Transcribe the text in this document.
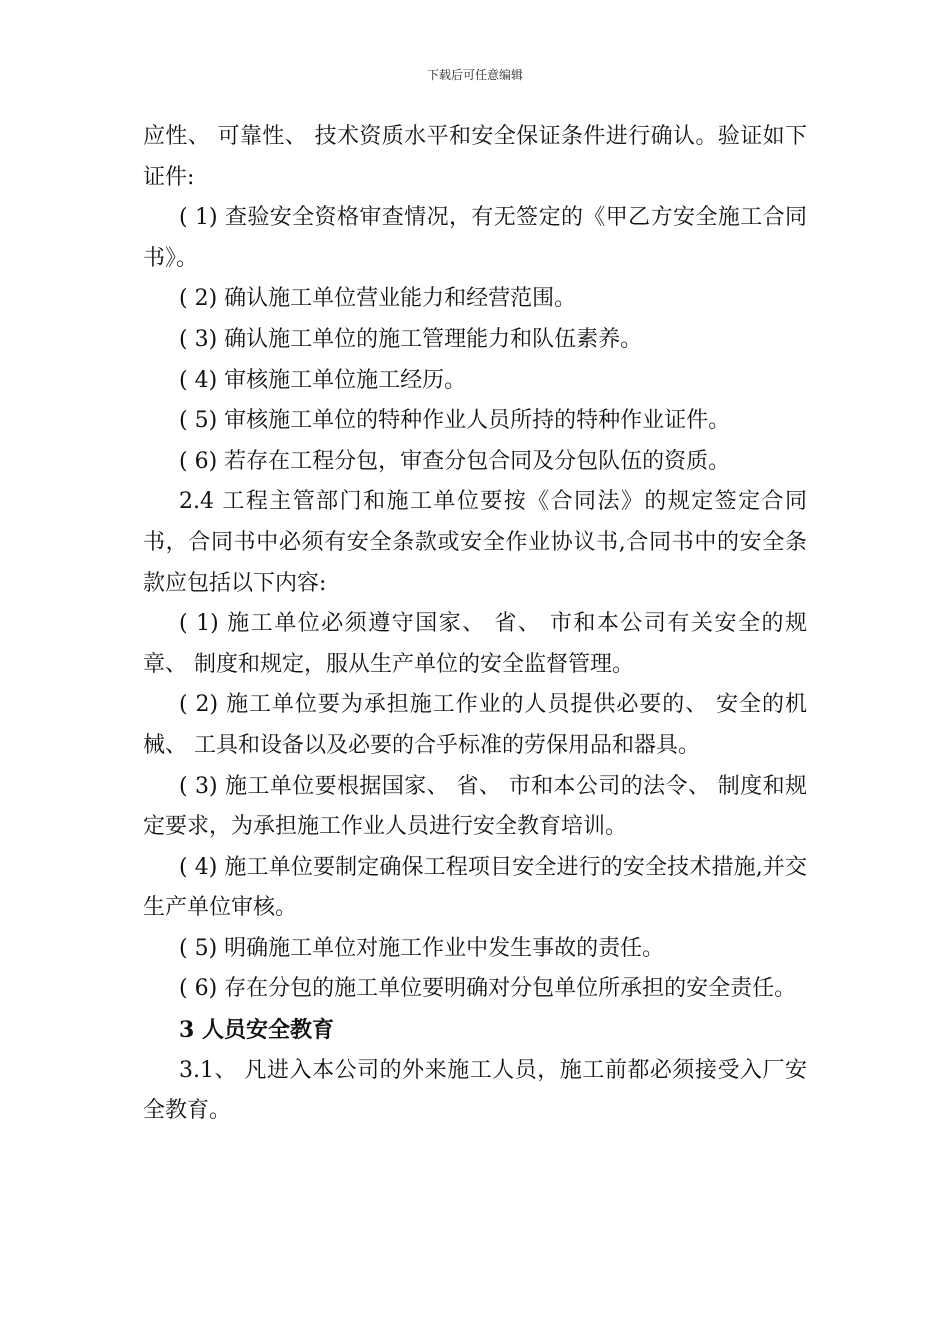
下载后可任意编辑

应性、 可靠性、 技术资质水平和安全保证条件进行确认。验证如下证件:

( 1) 查验安全资格审查情况，有无签定的《甲乙方安全施工合同书》。

( 2) 确认施工单位营业能力和经营范围。

( 3) 确认施工单位的施工管理能力和队伍素养。

( 4) 审核施工单位施工经历。

( 5) 审核施工单位的特种作业人员所持的特种作业证件。

( 6) 若存在工程分包，审查分包合同及分包队伍的资质。

2.4 工程主管部门和施工单位要按《合同法》的规定签定合同书，合同书中必须有安全条款或安全作业协议书,合同书中的安全条款应包括以下内容:

( 1) 施工单位必须遵守国家、 省、 市和本公司有关安全的规章、 制度和规定，服从生产单位的安全监督管理。

( 2) 施工单位要为承担施工作业的人员提供必要的、 安全的机械、 工具和设备以及必要的合乎标准的劳保用品和器具。

( 3) 施工单位要根据国家、 省、 市和本公司的法令、 制度和规定要求，为承担施工作业人员进行安全教育培训。

( 4) 施工单位要制定确保工程项目安全进行的安全技术措施,并交生产单位审核。

( 5) 明确施工单位对施工作业中发生事故的责任。

( 6) 存在分包的施工单位要明确对分包单位所承担的安全责任。

3 人员安全教育

3.1、 凡进入本公司的外来施工人员，施工前都必须接受入厂安全教育。
